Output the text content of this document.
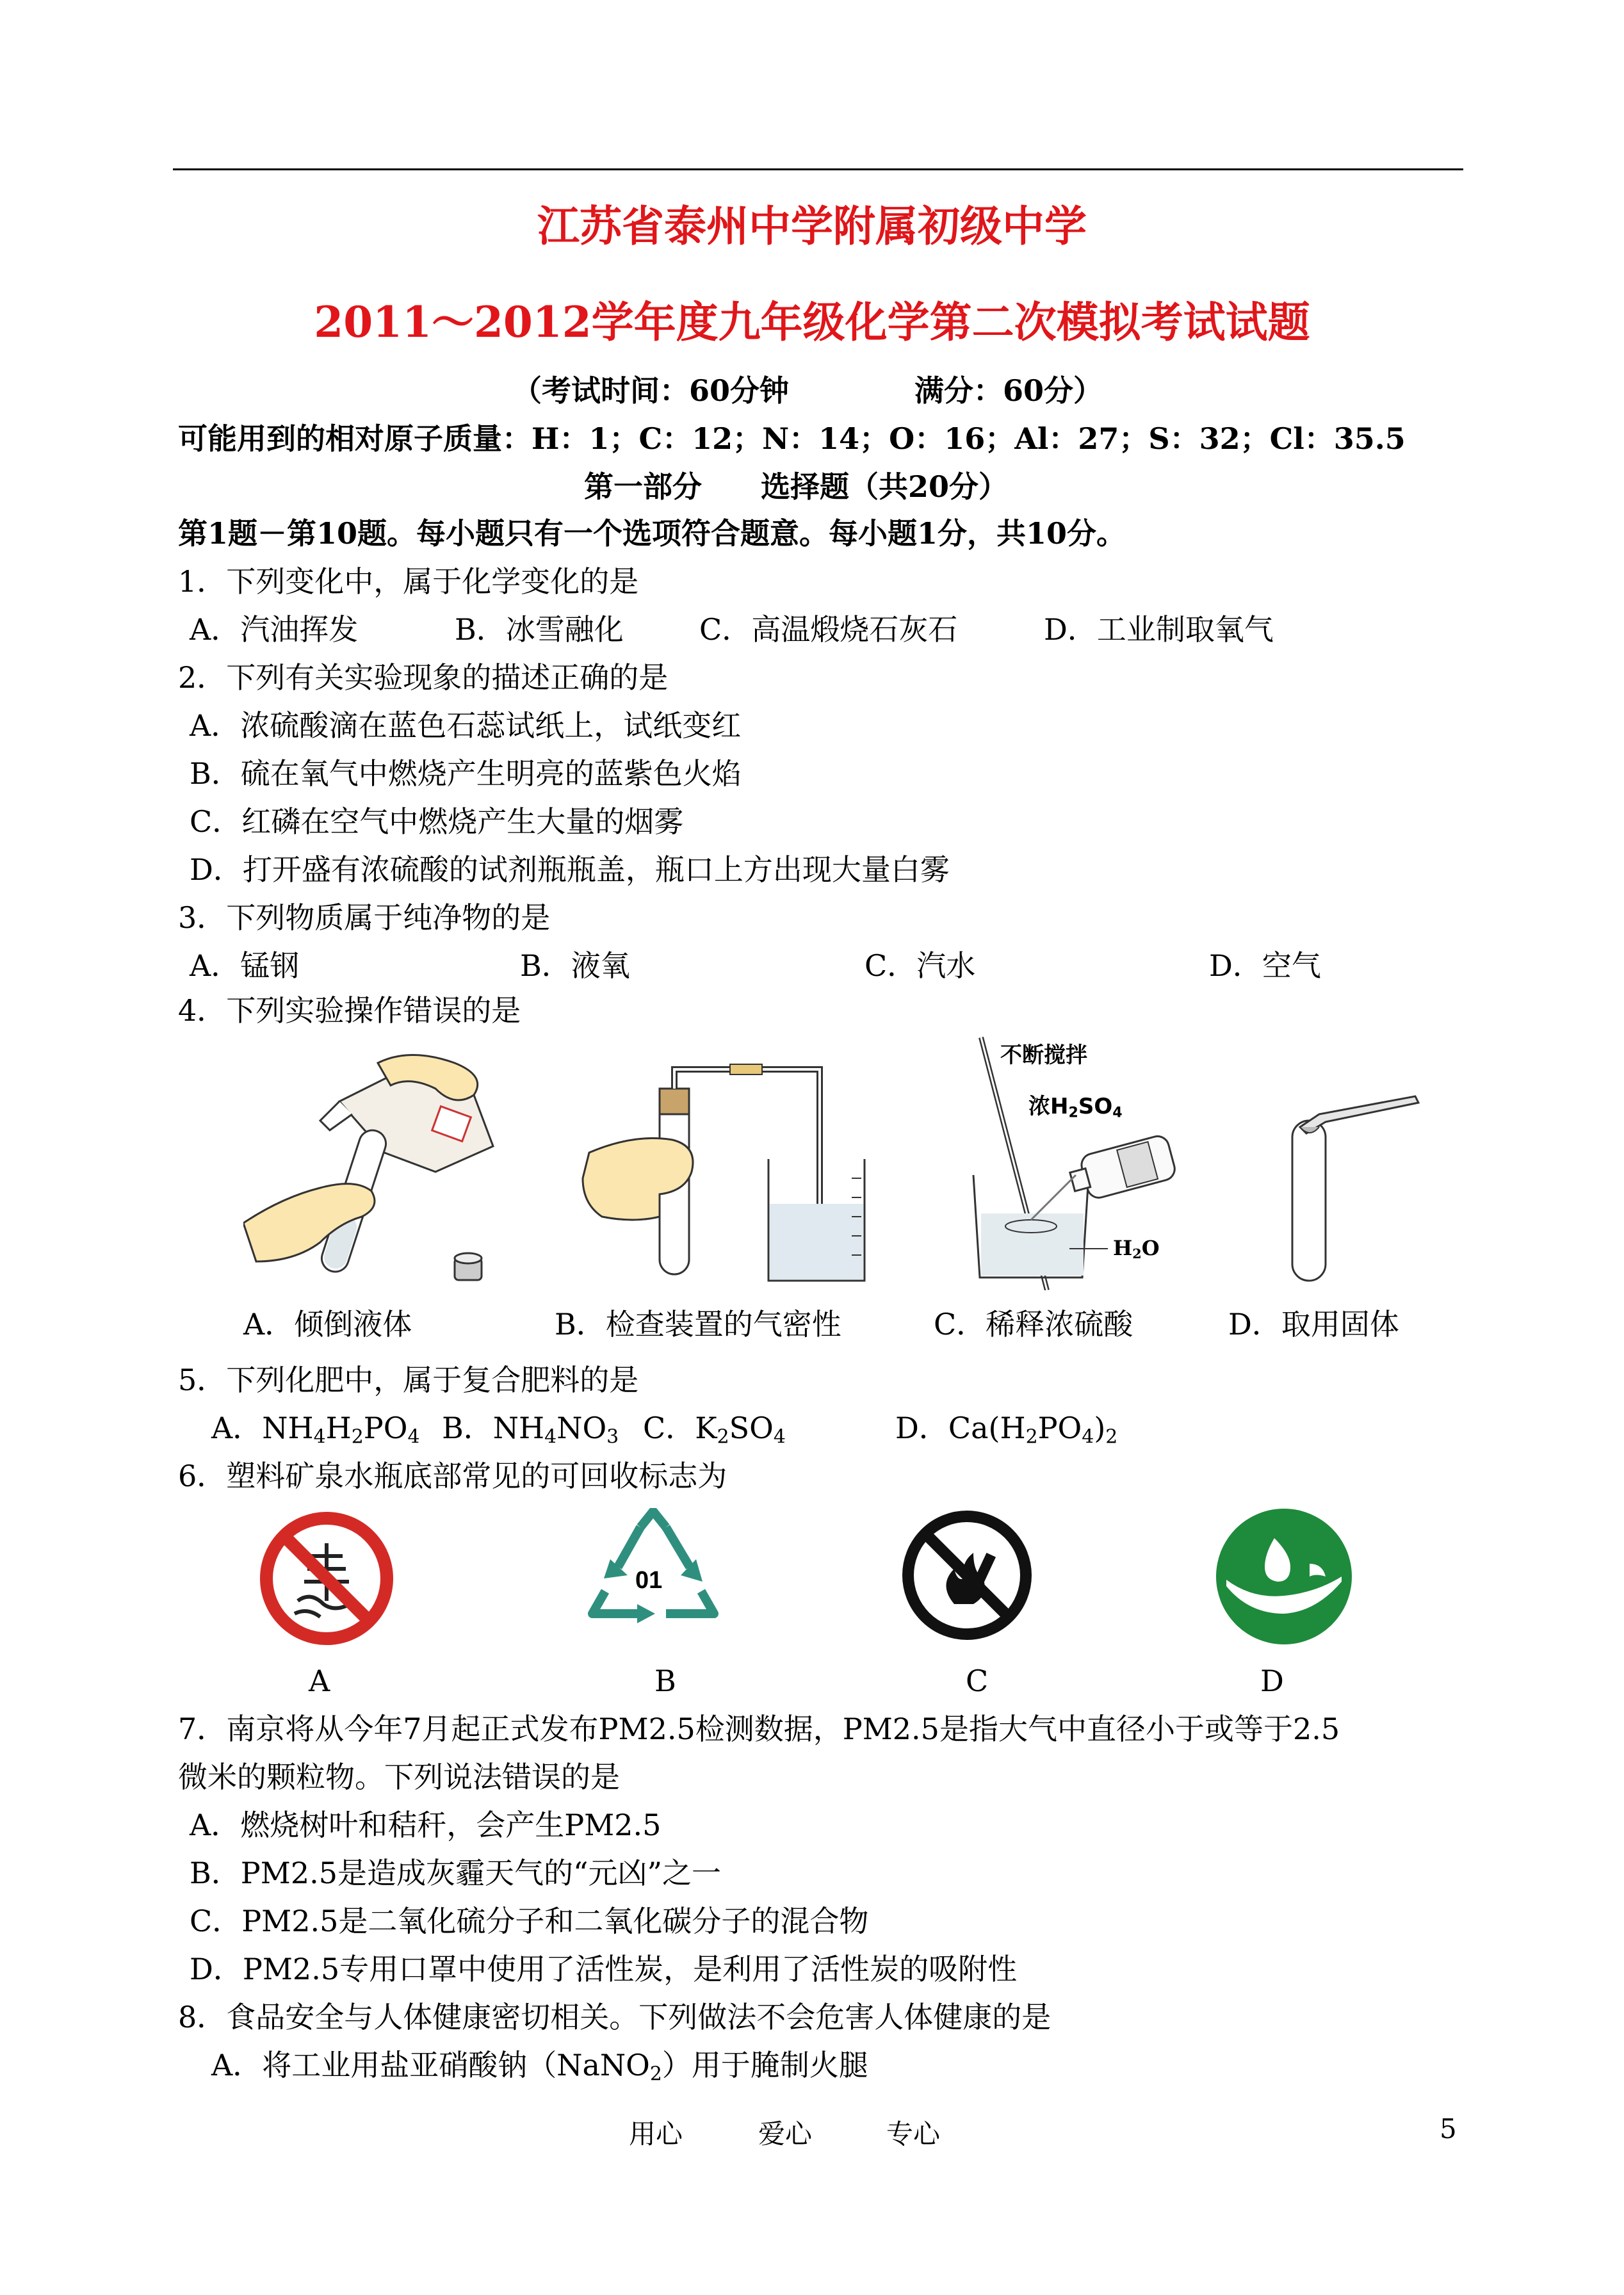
江苏省泰州中学附属初级中学
2011～2012学年度九年级化学第二次模拟考试试题
（考试时间：60分钟	满分：60分）
可能用到的相对原子质量：H：1；C：12；N：14；O：16；Al：27；S：32；Cl：35.5
第一部分　　选择题（共20分）
第1题－第10题。每小题只有一个选项符合题意。每小题1分，共10分。
1．下列变化中，属于化学变化的是
A．汽油挥发	B．冰雪融化	C．高温煅烧石灰石	D．工业制取氧气
2．下列有关实验现象的描述正确的是
A．浓硫酸滴在蓝色石蕊试纸上，试纸变红
B．硫在氧气中燃烧产生明亮的蓝紫色火焰
C．红磷在空气中燃烧产生大量的烟雾
D．打开盛有浓硫酸的试剂瓶瓶盖，瓶口上方出现大量白雾
3．下列物质属于纯净物的是
A．锰钢	B．液氧	C．汽水	D．空气
4．下列实验操作错误的是
不断搅拌
浓$H_2SO_4$
$H_2O$
A．倾倒液体	B．检查装置的气密性	C．稀释浓硫酸	D．取用固体
5．下列化肥中，属于复合肥料的是
A．$NH_4H_2PO_4$ B．$NH_4NO_3$ C．$K_2SO_4$	D．$Ca(H_2PO_4)_2$
6．塑料矿泉水瓶底部常见的可回收标志为
01
A	B	C	D
7．南京将从今年7月起正式发布PM2.5检测数据，PM2.5是指大气中直径小于或等于2.5
微米的颗粒物。下列说法错误的是
A．燃烧树叶和秸秆，会产生PM2.5
B．PM2.5是造成灰霾天气的“元凶”之一
C．PM2.5是二氧化硫分子和二氧化碳分子的混合物
D．PM2.5专用口罩中使用了活性炭，是利用了活性炭的吸附性
8．食品安全与人体健康密切相关。下列做法不会危害人体健康的是
A．将工业用盐亚硝酸钠（NaNO$_2$）用于腌制火腿
用心	爱心	专心	5
